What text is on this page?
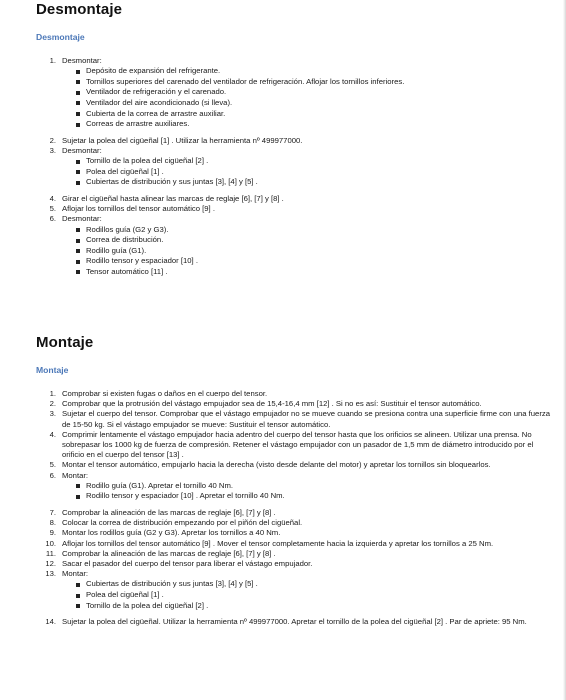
Desmontaje
Desmontaje
1. Desmontar:
Depósito de expansión del refrigerante.
Tornillos superiores del carenado del ventilador de refrigeración. Aflojar los tornillos inferiores.
Ventilador de refrigeración y el carenado.
Ventilador del aire acondicionado (si lleva).
Cubierta de la correa de arrastre auxiliar.
Correas de arrastre auxiliares.
2. Sujetar la polea del cigüeñal [1] . Utilizar la herramienta nº 499977000.
3. Desmontar:
Tornillo de la polea del cigüeñal [2] .
Polea del cigüeñal [1] .
Cubiertas de distribución y sus juntas [3], [4] y [5] .
4. Girar el cigüeñal hasta alinear las marcas de reglaje [6], [7] y [8] .
5. Aflojar los tornillos del tensor automático [9] .
6. Desmontar:
Rodillos guía (G2 y G3).
Correa de distribución.
Rodillo guía (G1).
Rodillo tensor y espaciador [10] .
Tensor automático [11] .
Montaje
Montaje
1. Comprobar si existen fugas o daños en el cuerpo del tensor.
2. Comprobar que la protrusión del vástago empujador sea de 15,4-16,4 mm [12] . Si no es así: Sustituir el tensor automático.
3. Sujetar el cuerpo del tensor. Comprobar que el vástago empujador no se mueve cuando se presiona contra una superficie firme con una fuerza de 15-50 kg. Si el vástago empujador se mueve: Sustituir el tensor automático.
4. Comprimir lentamente el vástago empujador hacia adentro del cuerpo del tensor hasta que los orificios se alineen. Utilizar una prensa. No sobrepasar los 1000 kg de fuerza de compresión. Retener el vástago empujador con un pasador de 1,5 mm de diámetro introducido por el orificio en el cuerpo del tensor [13] .
5. Montar el tensor automático, empujarlo hacia la derecha (visto desde delante del motor) y apretar los tornillos sin bloquearlos.
6. Montar:
Rodillo guía (G1). Apretar el tornillo 40 Nm.
Rodillo tensor y espaciador [10] . Apretar el tornillo 40 Nm.
7. Comprobar la alineación de las marcas de reglaje [6], [7] y [8] .
8. Colocar la correa de distribución empezando por el piñón del cigüeñal.
9. Montar los rodillos guía (G2 y G3). Apretar los tornillos a 40 Nm.
10. Aflojar los tornillos del tensor automático [9] . Mover el tensor completamente hacia la izquierda y apretar los tornillos a 25 Nm.
11. Comprobar la alineación de las marcas de reglaje [6], [7] y [8] .
12. Sacar el pasador del cuerpo del tensor para liberar el vástago empujador.
13. Montar:
Cubiertas de distribución y sus juntas [3], [4] y [5] .
Polea del cigüeñal [1] .
Tornillo de la polea del cigüeñal [2] .
14. Sujetar la polea del cigüeñal. Utilizar la herramienta nº 499977000. Apretar el tornillo de la polea del cigüeñal [2] . Par de apriete: 95 Nm.
